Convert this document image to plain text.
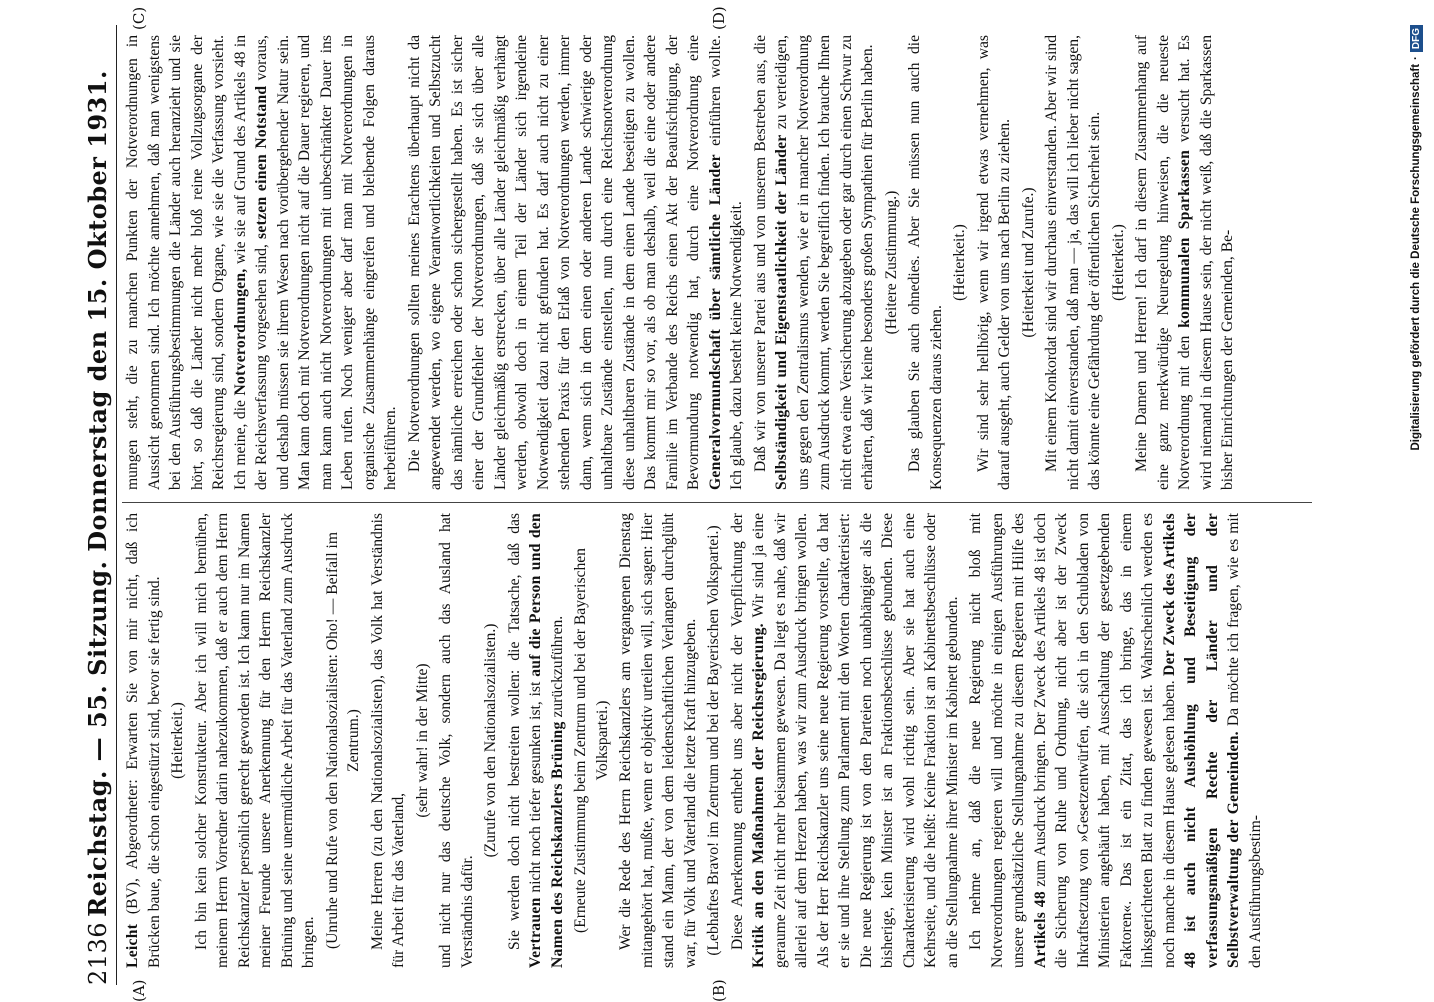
2136
Reichstag. — 55. Sitzung. Donnerstag den 15. Oktober 1931.
(A)	(B)
(C)	(D)

Leicht (BV), Abgeordneter: Erwarten Sie von mir nicht, daß ich Brücken baue, die schon eingestürzt sind, bevor sie fertig sind. (Heiterkeit.) Ich bin kein solcher Konstrukteur. Aber ich will mich bemühen, meinem Herrn Vorredner darin nahezukommen, daß er auch dem Herrn Reichskanzler persönlich gerecht geworden ist. Ich kann nur im Namen meiner Freunde unsere Anerkennung für den Herrn Reichskanzler Brüning und seine unermüdliche Arbeit für das Vaterland zum Ausdruck bringen. (Unruhe und Rufe von den Nationalsozialisten: Oho! — Beifall im Zentrum.) Meine Herren (zu den Nationalsozialisten), das Volk hat Verständnis für Arbeit für das Vaterland,

(sehr wahr! in der Mitte) und nicht nur das deutsche Volk, sondern auch das Ausland hat Verständnis dafür.

(Zurufe von den Nationalsozialisten.) Sie werden doch nicht bestreiten wollen: die Tatsache, daß das Vertrauen nicht noch tiefer gesunken ist, ist auf die Person und den Namen des Reichskanzlers Brüning zurückzuführen. (Erneute Zustimmung beim Zentrum und bei der Bayerischen Volkspartei.) Wer die Rede des Herrn Reichskanzlers am vergangenen Dienstag mitangehört hat, mußte, wenn er objektiv urteilen will, sich sagen: Hier stand ein Mann, der von dem leidenschaftlichen Verlangen durchglüht war, für Volk und Vaterland die letzte Kraft hinzugeben. (Lebhaftes Bravo! im Zentrum und bei der Bayerischen Volkspartei.) Diese Anerkennung enthebt uns aber nicht der Verpflichtung der Kritik an den Maßnahmen der Reichsregierung. Wir sind ja eine geraume Zeit nicht mehr beisammen gewesen. Da liegt es nahe, daß wir allerlei auf dem Herzen haben, was wir zum Ausdruck bringen wollen. Als der Herr Reichskanzler uns seine neue Regierung vorstellte, da hat er sie und ihre Stellung zum Parlament mit den Worten charakterisiert: Die neue Regierung ist von den Parteien noch unabhängiger als die bisherige, kein Minister ist an Fraktionsbeschlüsse gebunden. Diese Charakterisierung wird wohl richtig sein. Aber sie hat auch eine Kehrseite, und die heißt: Keine Fraktion ist an Kabinettsbeschlüsse oder an die Stellungnahme ihrer Minister im Kabinett gebunden. Ich nehme an, daß die neue Regierung nicht bloß mit Notverordnungen regieren will und möchte in einigen Ausführungen unsere grundsätzliche Stellungnahme zu diesem Regieren mit Hilfe des Artikels 48 zum Ausdruck bringen. Der Zweck des Artikels 48 ist doch die Sicherung von Ruhe und Ordnung, nicht aber ist der Zweck Inkraftsetzung von »Gesetzentwürfen, die sich in den Schubladen von Ministerien angehäuft haben, mit Ausschaltung der gesetzgebenden Faktoren«. Das ist ein Zitat, das ich bringe, das in einem linksgerichteten Blatt zu finden gewesen ist. Wahrscheinlich werden es noch manche in diesem Hause gelesen haben. Der Zweck des Artikels 48 ist auch nicht Aushöhlung und Beseitigung der verfassungsmäßigen Rechte der Länder und der Selbstverwaltung der Gemeinden. Da möchte ich fragen, wie es mit den Ausführungsbestim-

mungen steht, die zu manchen Punkten der Notverordnungen in Aussicht genommen sind. Ich möchte annehmen, daß man wenigstens bei den Ausführungsbestimmungen die Länder auch heranzieht und sie hört, so daß die Länder nicht mehr bloß reine Vollzugsorgane der Reichsregierung sind, sondern Organe, wie sie die Verfassung vorsieht. Ich meine, die Notverordnungen, wie sie auf Grund des Artikels 48 in der Reichsverfassung vorgesehen sind, setzen einen Notstand voraus, und deshalb müssen sie ihrem Wesen nach vorübergehender Natur sein. Man kann doch mit Notverordnungen nicht auf die Dauer regieren, und man kann auch nicht Notverordnungen mit unbeschränkter Dauer ins Leben rufen. Noch weniger aber darf man mit Notverordnungen in organische Zusammenhänge eingreifen und bleibende Folgen daraus herbeiführen. Die Notverordnungen sollten meines Erachtens überhaupt nicht da angewendet werden, wo eigene Verantwortlichkeiten und Selbstzucht das nämliche erreichen oder schon sichergestellt haben. Es ist sicher einer der Grundfehler der Notverordnungen, daß sie sich über alle Länder gleichmäßig erstrecken, über alle Länder gleichmäßig verhängt werden, obwohl doch in einem Teil der Länder sich irgendeine Notwendigkeit dazu nicht gefunden hat. Es darf auch nicht zu einer stehenden Praxis für den Erlaß von Notverordnungen werden, immer dann, wenn sich in dem einen oder anderen Lande schwierige oder unhaltbare Zustände einstellen, nun durch eine Reichsnotverordnung diese unhaltbaren Zustände in dem einen Lande beseitigen zu wollen. Das kommt mir so vor, als ob man deshalb, weil die eine oder andere Familie im Verbande des Reichs einen Akt der Beaufsichtigung, der Bevormundung notwendig hat, durch eine Notverordnung eine Generalvormundschaft über sämtliche Länder einführen wollte. Ich glaube, dazu besteht keine Notwendigkeit. Daß wir von unserer Partei aus und von unserem Bestreben aus, die Selbständigkeit und Eigenstaatlichkeit der Länder zu verteidigen, uns gegen den Zentralismus wenden, wie er in mancher Notverordnung zum Ausdruck kommt, werden Sie begreiflich finden. Ich brauche Ihnen nicht etwa eine Versicherung abzugeben oder gar durch einen Schwur zu erhärten, daß wir keine besonders großen Sympathien für Berlin haben. (Heitere Zustimmung.) Das glauben Sie auch ohnedies. Aber Sie müssen nun auch die Konsequenzen daraus ziehen.

(Heiterkeit.) Wir sind sehr hellhörig, wenn wir irgend etwas vernehmen, was darauf ausgeht, auch Gelder von uns nach Berlin zu ziehen. (Heiterkeit und Zurufe.) Mit einem Konkordat sind wir durchaus einverstanden. Aber wir sind nicht damit einverstanden, daß man — ja, das will ich lieber nicht sagen, das könnte eine Gefährdung der öffentlichen Sicherheit sein. (Heiterkeit.) Meine Damen und Herren! Ich darf in diesem Zusammenhang auf eine ganz merkwürdige Neuregelung hinweisen, die die neueste Notverordnung mit den kommunalen Sparkassen versucht hat. Es wird niemand in diesem Hause sein, der nicht weiß, daß die Sparkassen bisher Einrichtungen der Gemeinden, Be-	Digitalisierung gefördert durch die Deutsche Forschungsgemeinschaft
·
DFG
